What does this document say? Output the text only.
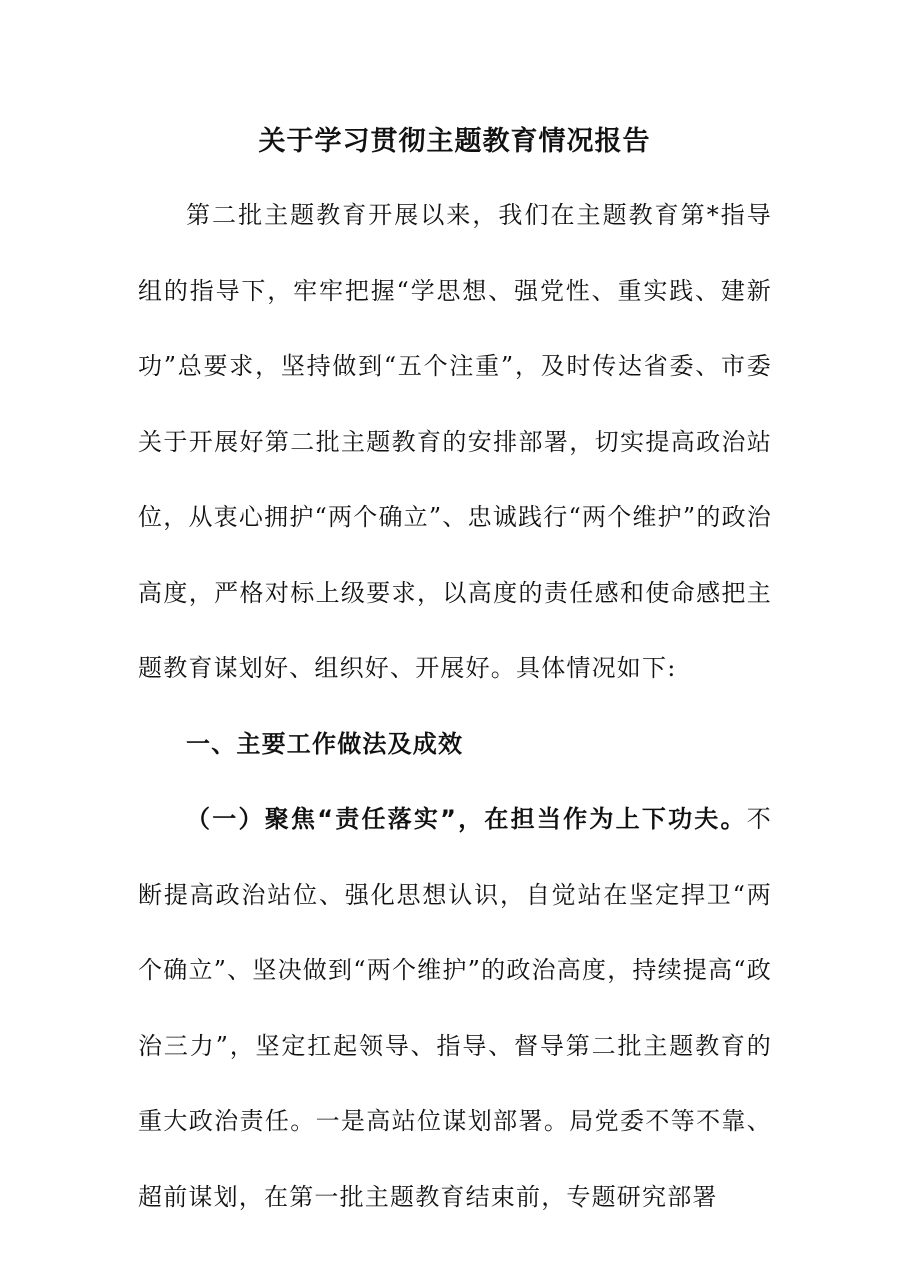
关于学习贯彻主题教育情况报告

第二批主题教育开展以来，我们在主题教育第*指导组的指导下，牢牢把握“学思想、强党性、重实践、建新功”总要求，坚持做到“五个注重”，及时传达省委、市委关于开展好第二批主题教育的安排部署，切实提高政治站位，从衷心拥护“两个确立”、忠诚践行“两个维护”的政治高度，严格对标上级要求，以高度的责任感和使命感把主题教育谋划好、组织好、开展好。具体情况如下:

一、主要工作做法及成效

（一）聚焦“责任落实”，在担当作为上下功夫。不断提高政治站位、强化思想认识，自觉站在坚定捍卫“两个确立”、坚决做到“两个维护”的政治高度，持续提高“政治三力”，坚定扛起领导、指导、督导第二批主题教育的重大政治责任。一是高站位谋划部署。局党委不等不靠、超前谋划，在第一批主题教育结束前，专题研究部署
